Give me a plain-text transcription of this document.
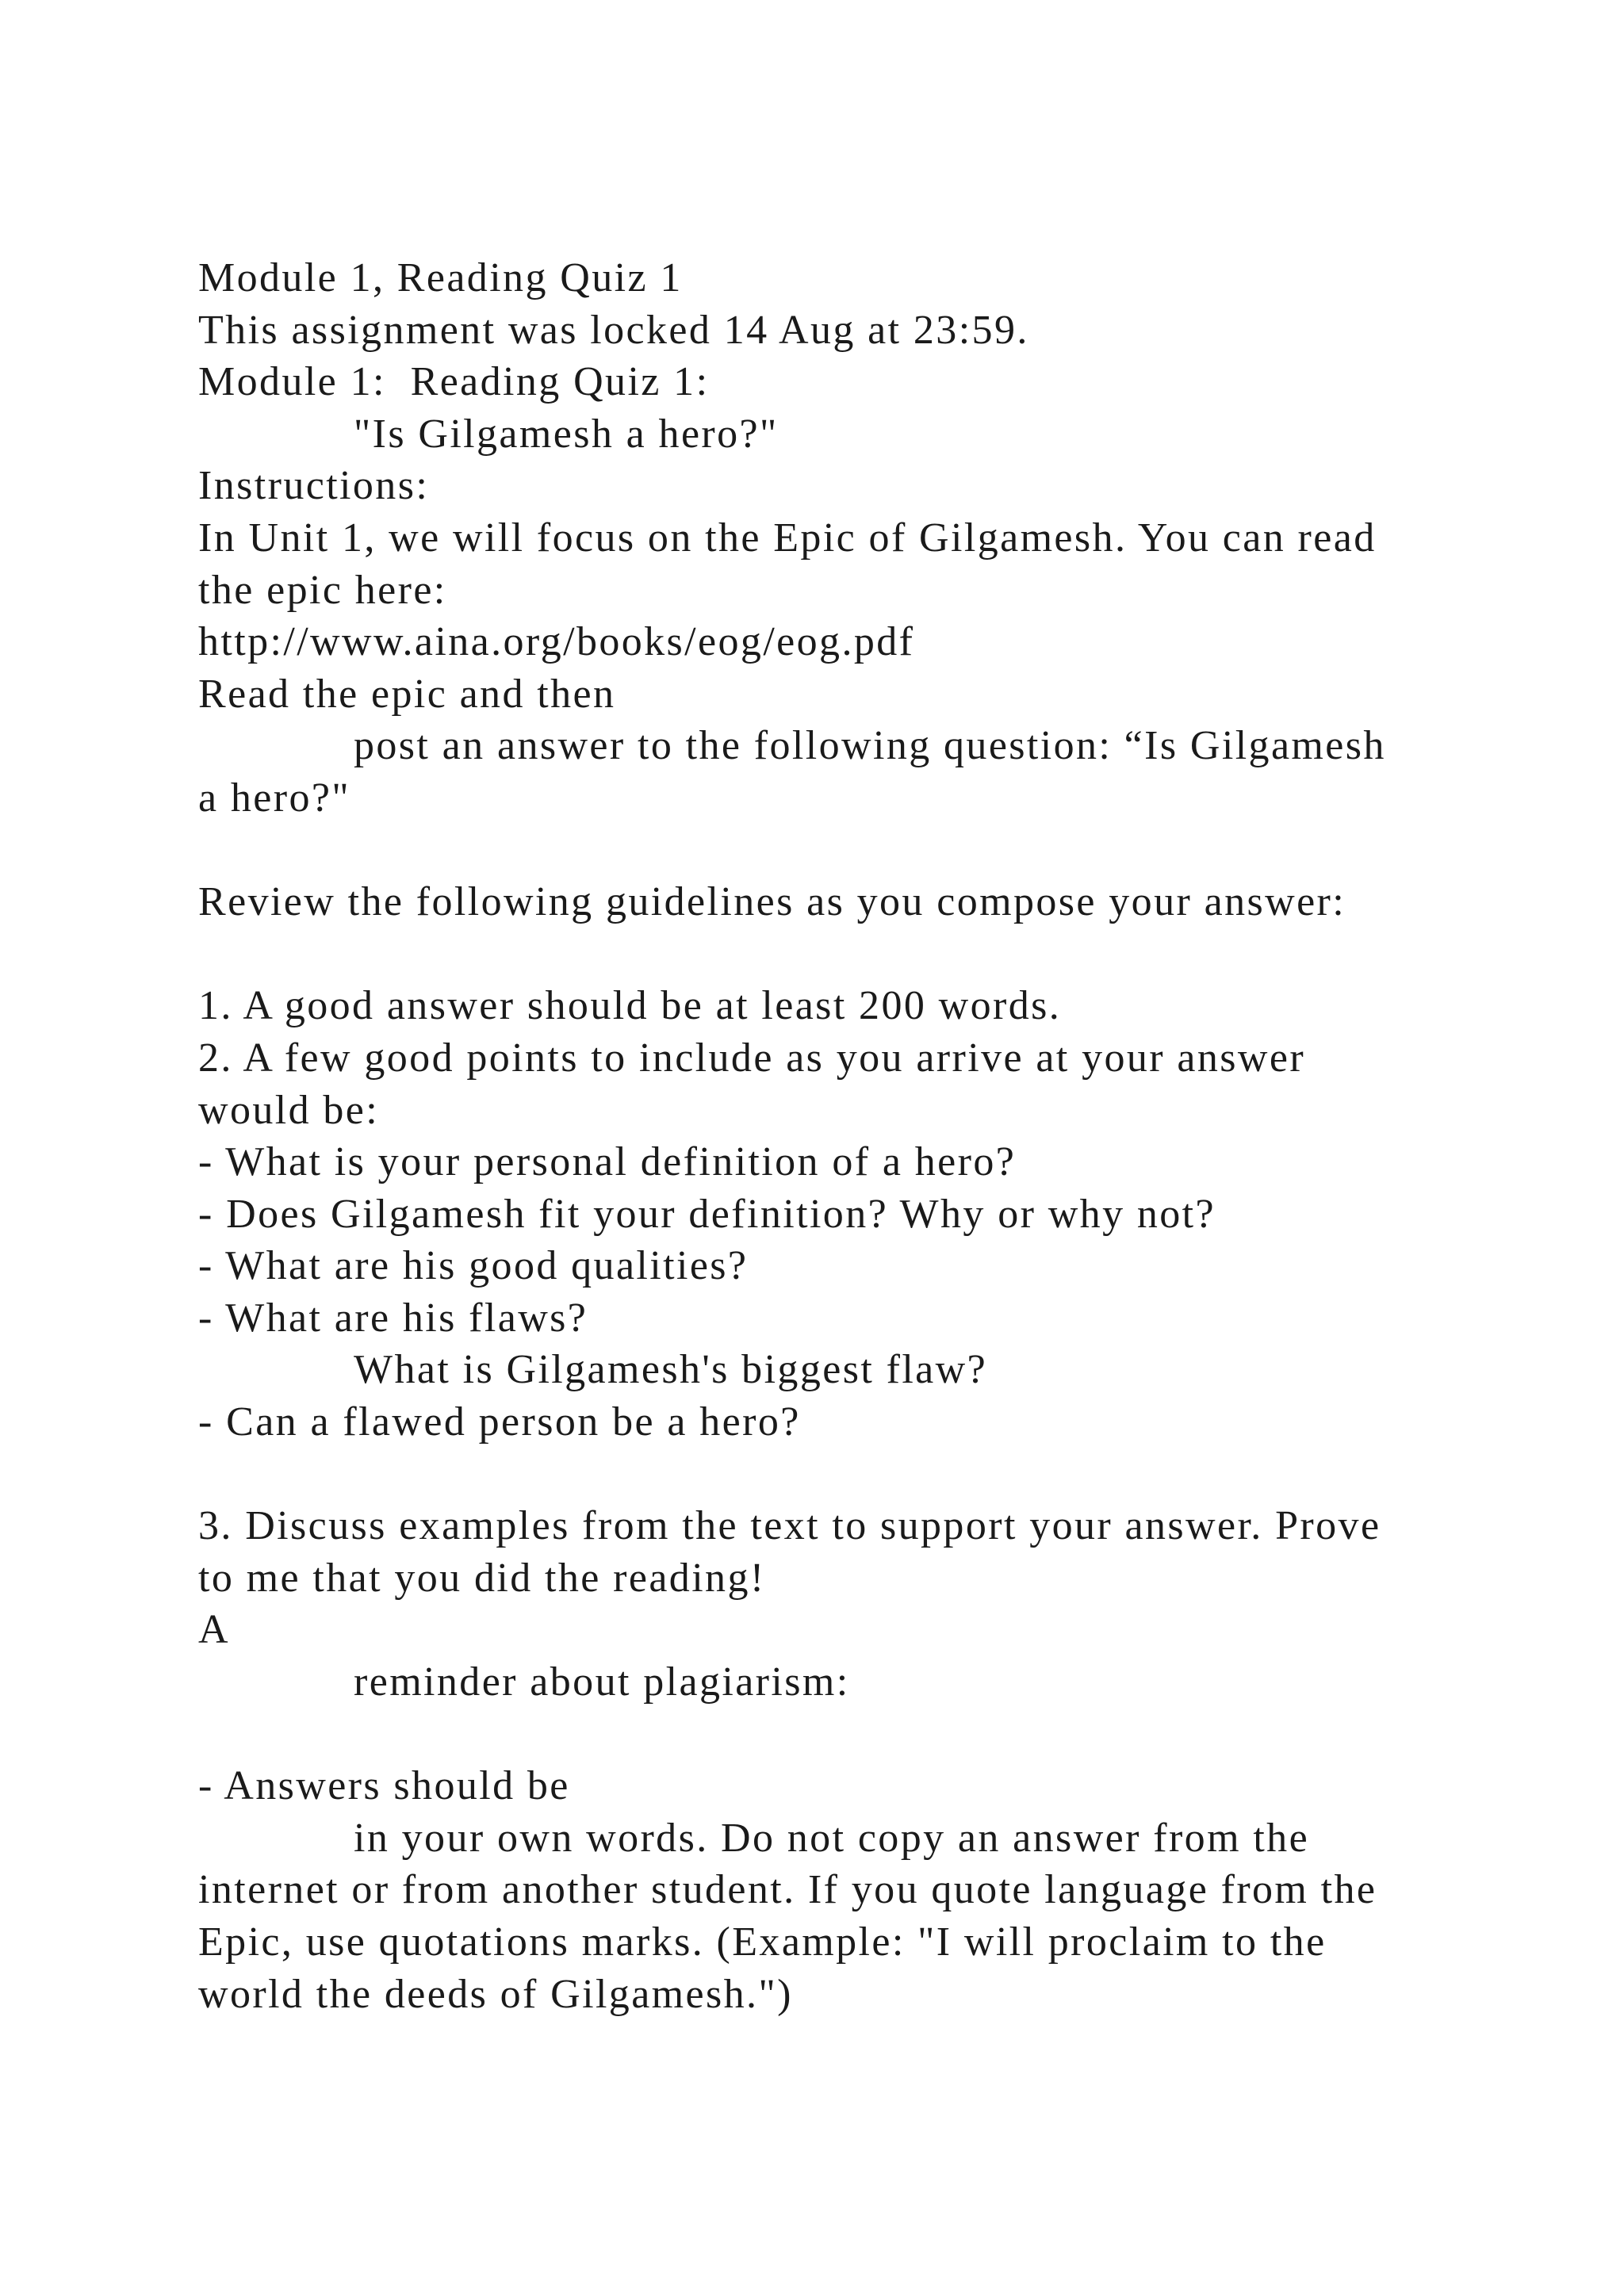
Module 1, Reading Quiz 1
This assignment was locked 14 Aug at 23:59.
Module 1:  Reading Quiz 1:
"Is Gilgamesh a hero?"
Instructions:
In Unit 1, we will focus on the Epic of Gilgamesh. You can read
the epic here:
http://www.aina.org/books/eog/eog.pdf
Read the epic and then
post an answer to the following question: “Is Gilgamesh
a hero?"
Review the following guidelines as you compose your answer:
1. A good answer should be at least 200 words.
2. A few good points to include as you arrive at your answer
would be:
- What is your personal definition of a hero?
- Does Gilgamesh fit your definition? Why or why not?
- What are his good qualities?
- What are his flaws?
What is Gilgamesh's biggest flaw?
- Can a flawed person be a hero?
3. Discuss examples from the text to support your answer. Prove
to me that you did the reading!
A
reminder about plagiarism:
- Answers should be
in your own words. Do not copy an answer from the
internet or from another student. If you quote language from the
Epic, use quotations marks. (Example: "I will proclaim to the
world the deeds of Gilgamesh.")
